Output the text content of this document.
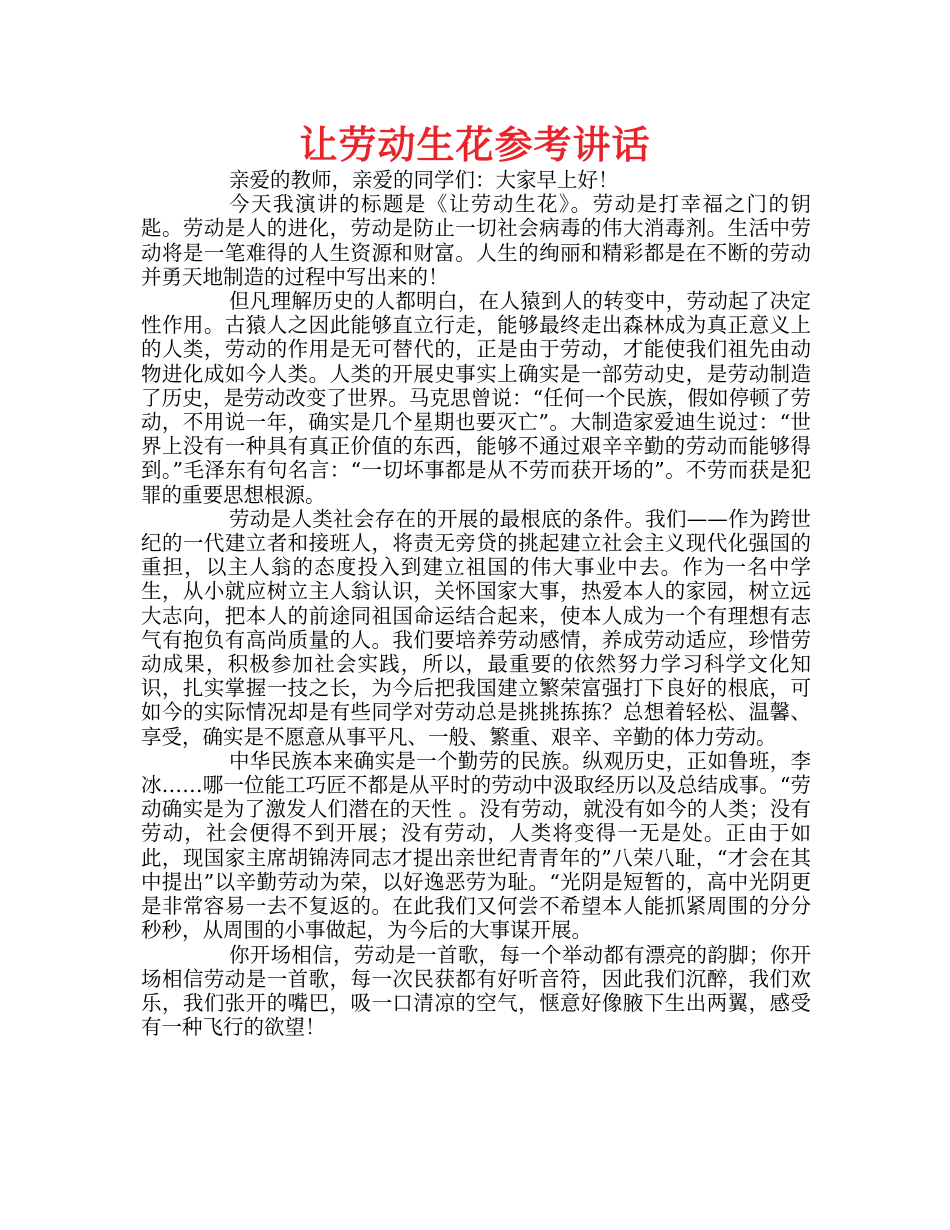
让劳动生花参考讲话

亲爱的教师，亲爱的同学们：大家早上好！

今天我演讲的标题是《让劳动生花》。劳动是打幸福之门的钥匙。劳动是人的进化，劳动是防止一切社会病毒的伟大消毒剂。生活中劳动将是一笔难得的人生资源和财富。人生的绚丽和精彩都是在不断的劳动并勇天地制造的过程中写出来的！

但凡理解历史的人都明白，在人猿到人的转变中，劳动起了决定性作用。古猿人之因此能够直立行走，能够最终走出森林成为真正意义上的人类，劳动的作用是无可替代的，正是由于劳动，才能使我们祖先由动物进化成如今人类。人类的开展史事实上确实是一部劳动史，是劳动制造了历史，是劳动改变了世界。马克思曾说：“任何一个民族，假如停顿了劳动，不用说一年，确实是几个星期也要灭亡”。大制造家爱迪生说过：“世界上没有一种具有真正价值的东西，能够不通过艰辛辛勤的劳动而能够得到。”毛泽东有句名言：“一切坏事都是从不劳而获开场的”。不劳而获是犯罪的重要思想根源。

劳动是人类社会存在的开展的最根底的条件。我们——作为跨世纪的一代建立者和接班人，将责无旁贷的挑起建立社会主义现代化强国的重担，以主人翁的态度投入到建立祖国的伟大事业中去。作为一名中学生，从小就应树立主人翁认识，关怀国家大事，热爱本人的家园，树立远大志向，把本人的前途同祖国命运结合起来，使本人成为一个有理想有志气有抱负有高尚质量的人。我们要培养劳动感情，养成劳动适应，珍惜劳动成果，积极参加社会实践，所以，最重要的依然努力学习科学文化知识，扎实掌握一技之长，为今后把我国建立繁荣富强打下良好的根底，可如今的实际情况却是有些同学对劳动总是挑挑拣拣？总想着轻松、温馨、享受，确实是不愿意从事平凡、一般、繁重、艰辛、辛勤的体力劳动。

中华民族本来确实是一个勤劳的民族。纵观历史，正如鲁班，李冰……哪一位能工巧匠不都是从平时的劳动中汲取经历以及总结成事。“劳动确实是为了激发人们潜在的天性 。没有劳动，就没有如今的人类；没有劳动，社会便得不到开展；没有劳动，人类将变得一无是处。正由于如此，现国家主席胡锦涛同志才提出亲世纪青青年的”八荣八耻，“才会在其中提出”以辛勤劳动为荣，以好逸恶劳为耻。“光阴是短暂的，高中光阴更是非常容易一去不复返的。在此我们又何尝不希望本人能抓紧周围的分分秒秒，从周围的小事做起，为今后的大事谋开展。

你开场相信，劳动是一首歌，每一个举动都有漂亮的韵脚；你开场相信劳动是一首歌，每一次民获都有好听音符，因此我们沉醉，我们欢乐，我们张开的嘴巴，吸一口清凉的空气，惬意好像腋下生出两翼，感受有一种飞行的欲望！
